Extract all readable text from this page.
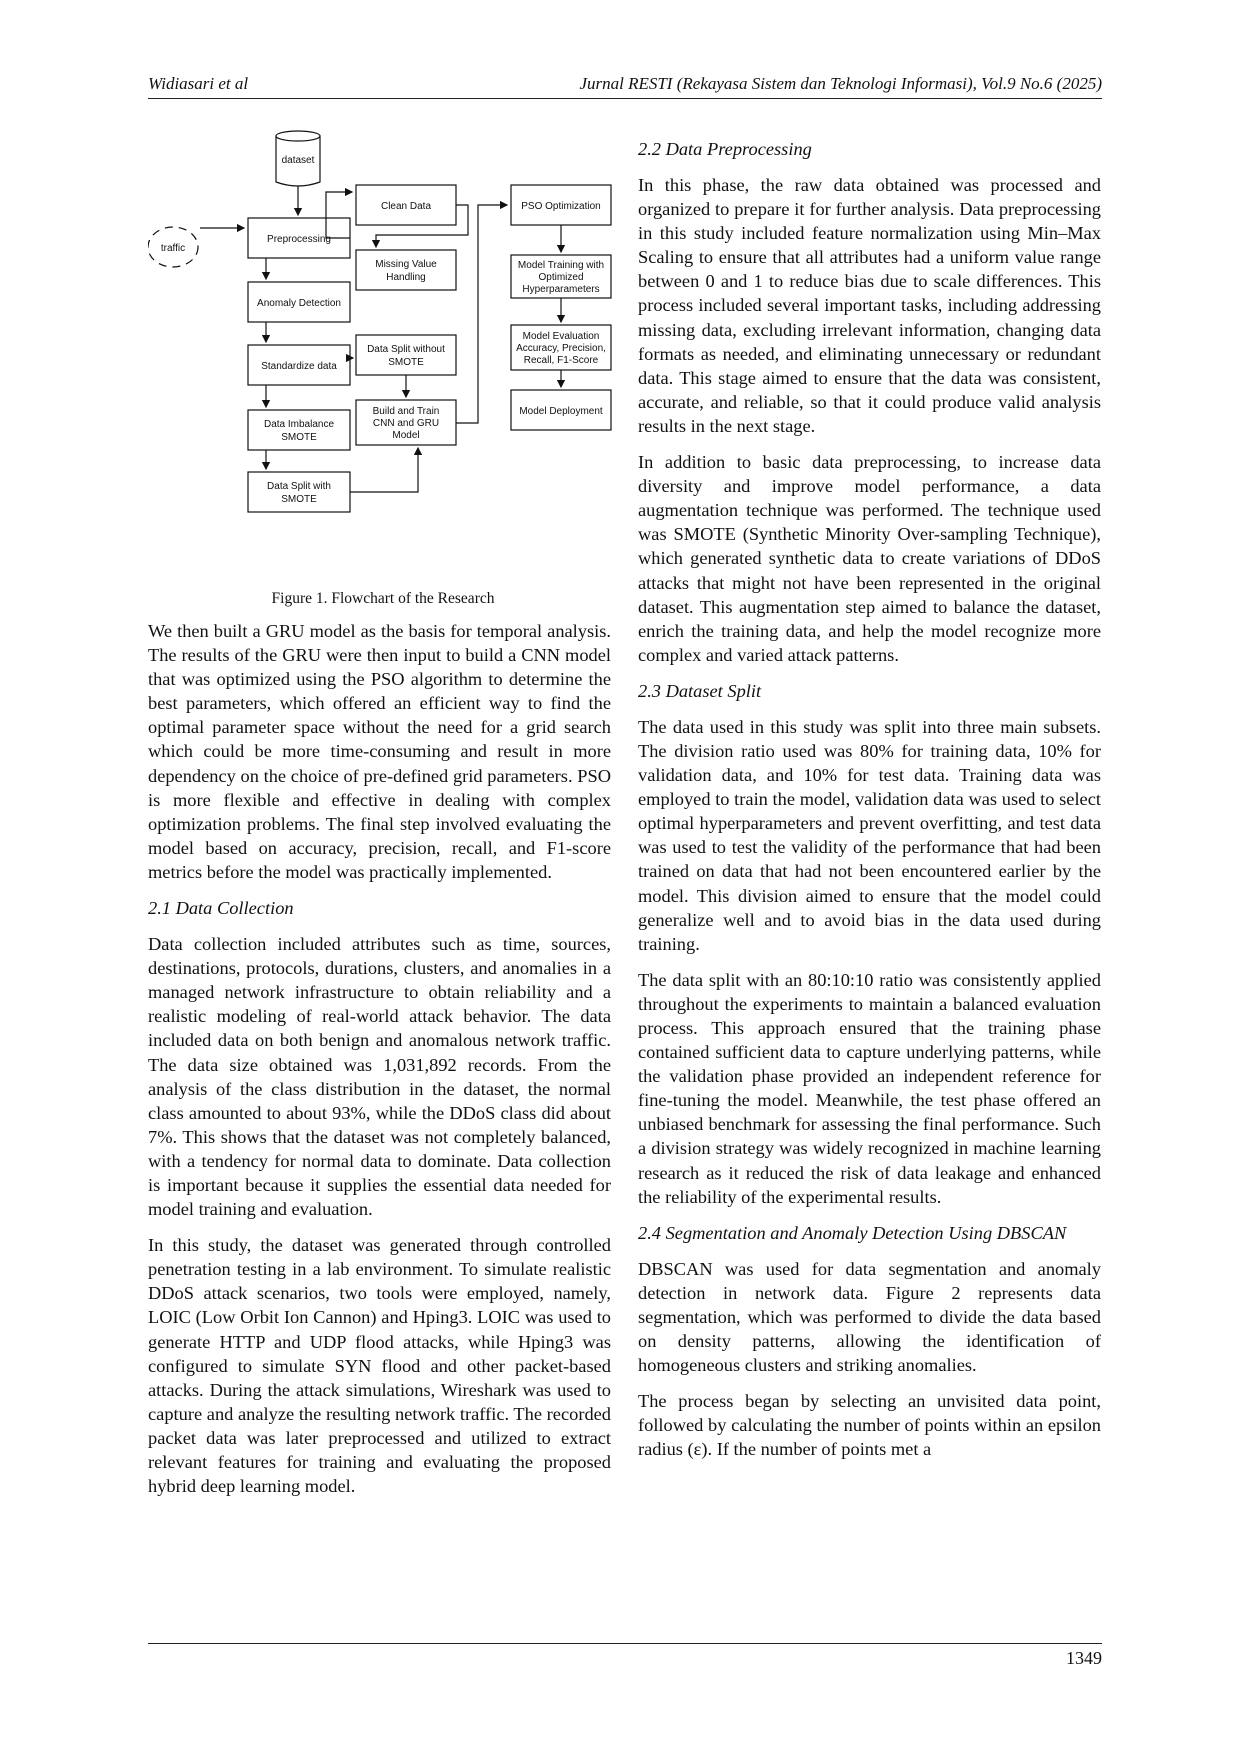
Widiasari et al	Jurnal RESTI (Rekayasa Sistem dan Teknologi Informasi), Vol.9 No.6 (2025)
dataset
traffic
Preprocessing
Anomaly Detection
Standardize data
Data Imbalance
SMOTE
Data Split with
SMOTE
Clean Data
Missing Value
Handling
Data Split without
SMOTE
Build and Train
CNN and GRU
Model
PSO Optimization
Model Training with
Optimized
Hyperparameters
Model Evaluation
Accuracy, Precision,
Recall, F1-Score
Model Deployment
Figure 1. Flowchart of the Research

We then built a GRU model as the basis for temporal analysis. The results of the GRU were then input to build a CNN model that was optimized using the PSO algorithm to determine the best parameters, which offered an efficient way to find the optimal parameter space without the need for a grid search which could be more time-consuming and result in more dependency on the choice of pre-defined grid parameters. PSO is more flexible and effective in dealing with complex optimization problems. The final step involved evaluating the model based on accuracy, precision, recall, and F1-score metrics before the model was practically implemented.

2.1 Data Collection

Data collection included attributes such as time, sources, destinations, protocols, durations, clusters, and anomalies in a managed network infrastructure to obtain reliability and a realistic modeling of real-world attack behavior. The data included data on both benign and anomalous network traffic. The data size obtained was 1,031,892 records. From the analysis of the class distribution in the dataset, the normal class amounted to about 93%, while the DDoS class did about 7%. This shows that the dataset was not completely balanced, with a tendency for normal data to dominate. Data collection is important because it supplies the essential data needed for model training and evaluation.

In this study, the dataset was generated through controlled penetration testing in a lab environment. To simulate realistic DDoS attack scenarios, two tools were employed, namely, LOIC (Low Orbit Ion Cannon) and Hping3. LOIC was used to generate HTTP and UDP flood attacks, while Hping3 was configured to simulate SYN flood and other packet-based attacks. During the attack simulations, Wireshark was used to capture and analyze the resulting network traffic. The recorded packet data was later preprocessed and utilized to extract relevant features for training and evaluating the proposed hybrid deep learning model.

2.2 Data Preprocessing

In this phase, the raw data obtained was processed and organized to prepare it for further analysis. Data preprocessing in this study included feature normalization using Min–Max Scaling to ensure that all attributes had a uniform value range between 0 and 1 to reduce bias due to scale differences. This process included several important tasks, including addressing missing data, excluding irrelevant information, changing data formats as needed, and eliminating unnecessary or redundant data. This stage aimed to ensure that the data was consistent, accurate, and reliable, so that it could produce valid analysis results in the next stage.

In addition to basic data preprocessing, to increase data diversity and improve model performance, a data augmentation technique was performed. The technique used was SMOTE (Synthetic Minority Over-sampling Technique), which generated synthetic data to create variations of DDoS attacks that might not have been represented in the original dataset. This augmentation step aimed to balance the dataset, enrich the training data, and help the model recognize more complex and varied attack patterns.

2.3 Dataset Split

The data used in this study was split into three main subsets. The division ratio used was 80% for training data, 10% for validation data, and 10% for test data. Training data was employed to train the model, validation data was used to select optimal hyperparameters and prevent overfitting, and test data was used to test the validity of the performance that had been trained on data that had not been encountered earlier by the model. This division aimed to ensure that the model could generalize well and to avoid bias in the data used during training.

The data split with an 80:10:10 ratio was consistently applied throughout the experiments to maintain a balanced evaluation process. This approach ensured that the training phase contained sufficient data to capture underlying patterns, while the validation phase provided an independent reference for fine-tuning the model. Meanwhile, the test phase offered an unbiased benchmark for assessing the final performance. Such a division strategy was widely recognized in machine learning research as it reduced the risk of data leakage and enhanced the reliability of the experimental results.

2.4 Segmentation and Anomaly Detection Using DBSCAN

DBSCAN was used for data segmentation and anomaly detection in network data. Figure 2 represents data segmentation, which was performed to divide the data based on density patterns, allowing the identification of homogeneous clusters and striking anomalies.

The process began by selecting an unvisited data point, followed by calculating the number of points within an epsilon radius (ε). If the number of points met a

1349
